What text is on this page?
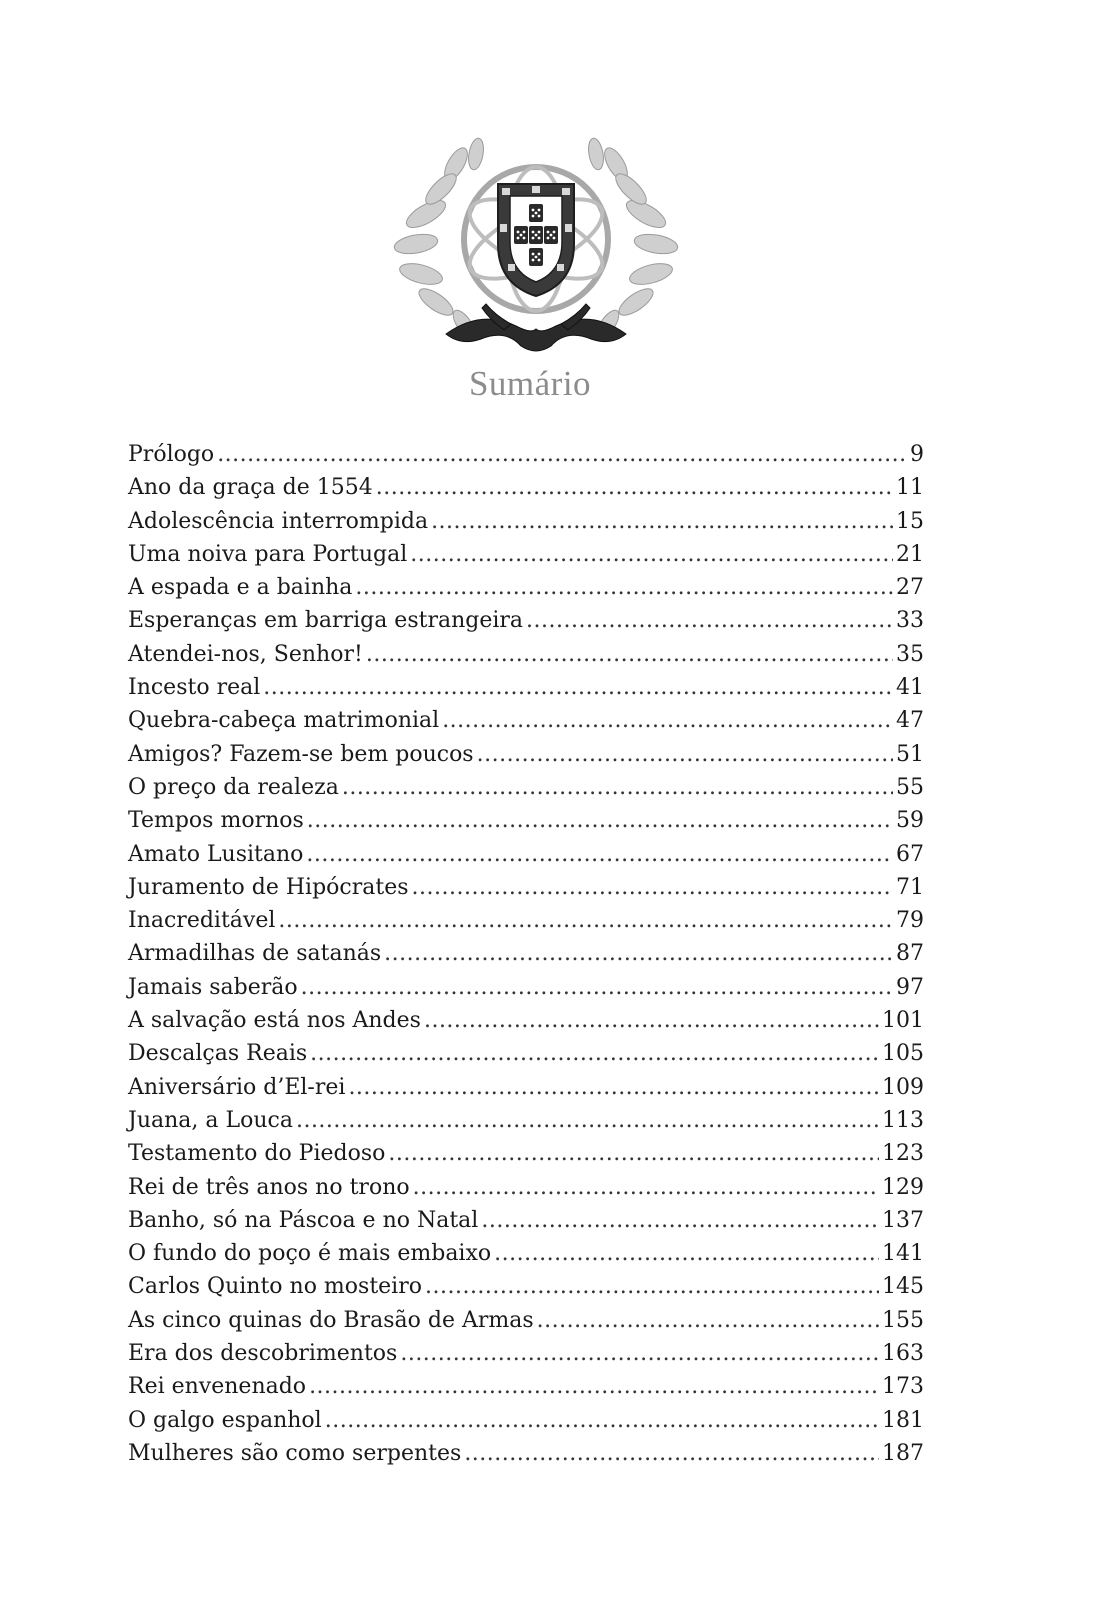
Sumário
Prólogo .....	9
Ano da graça de 1554 .....	11
Adolescência interrompida .....	15
Uma noiva para Portugal .....	21
A espada e a bainha .....	27
Esperanças em barriga estrangeira .....	33
Atendei-nos, Senhor! .....	35
Incesto real .....	41
Quebra-cabeça matrimonial .....	47
Amigos? Fazem-se bem poucos .....	51
O preço da realeza .....	55
Tempos mornos .....	59
Amato Lusitano .....	67
Juramento de Hipócrates .....	71
Inacreditável .....	79
Armadilhas de satanás .....	87
Jamais saberão .....	97
A salvação está nos Andes .....	101
Descalças Reais .....	105
Aniversário d’El-rei .....	109
Juana, a Louca .....	113
Testamento do Piedoso .....	123
Rei de três anos no trono .....	129
Banho, só na Páscoa e no Natal .....	137
O fundo do poço é mais embaixo .....	141
Carlos Quinto no mosteiro .....	145
As cinco quinas do Brasão de Armas .....	155
Era dos descobrimentos .....	163
Rei envenenado .....	173
O galgo espanhol .....	181
Mulheres são como serpentes .....	187
